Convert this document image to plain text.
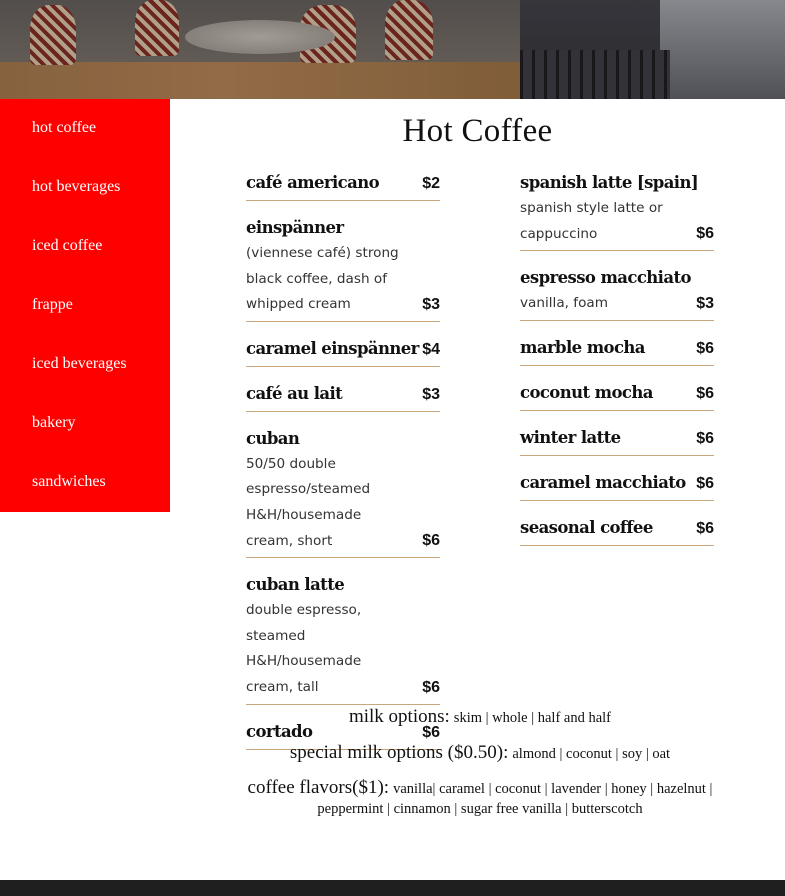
hot coffee
hot beverages
iced coffee
frappe
iced beverages
bakery
sandwiches
Hot Coffee
café americano	$2
einspänner
(viennese café) strong black coffee, dash of whipped cream	$3
caramel einspänner $4
café au lait	$3
cuban
50/50 double espresso/steamed H&H/housemade cream, short	$6
cuban latte
double espresso, steamed H&H/housemade cream, tall	$6
cortado	$6
spanish latte [spain]
spanish style latte or cappuccino	$6
espresso macchiato
vanilla, foam	$3
marble mocha	$6
coconut mocha	$6
winter latte	$6
caramel macchiato $6
seasonal coffee	$6
milk options: skim | whole | half and half
special milk options ($0.50): almond | coconut | soy | oat
coffee flavors($1): vanilla| caramel | coconut | lavender | honey | hazelnut |
peppermint | cinnamon | sugar free vanilla | butterscotch
